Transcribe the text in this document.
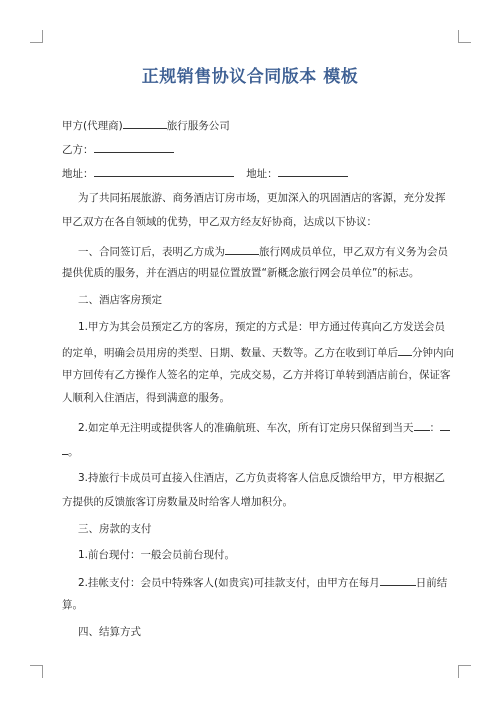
正规销售协议合同版本 模板
甲方(代理商)	旅行服务公司
乙方：
地址：	地址：
为了共同拓展旅游、商务酒店订房市场，更加深入的巩固酒店的客源，充分发挥
甲乙双方在各自领域的优势，甲乙双方经友好协商，达成以下协议：
一、合同签订后，表明乙方成为	旅行网成员单位，甲乙双方有义务为会员
提供优质的服务，并在酒店的明显位置放置“新概念旅行网会员单位”的标志。
二、酒店客房预定
1.甲方为其会员预定乙方的客房，预定的方式是：甲方通过传真向乙方发送会员
的定单，明确会员用房的类型、日期、数量、天数等。乙方在收到订单后 分钟内向
甲方回传有乙方操作人签名的定单，完成交易，乙方并将订单转到酒店前台，保证客
人顺利入住酒店，得到满意的服务。
2.如定单无注明或提供客人的准确航班、车次，所有订定房只保留到当天 ：
。
3.持旅行卡成员可直接入住酒店，乙方负责将客人信息反馈给甲方，甲方根据乙
方提供的反馈旅客订房数量及时给客人增加积分。
三、房款的支付
1.前台现付：一般会员前台现付。
2.挂帐支付：会员中特殊客人(如贵宾)可挂款支付，由甲方在每月	日前结
算。
四、结算方式
